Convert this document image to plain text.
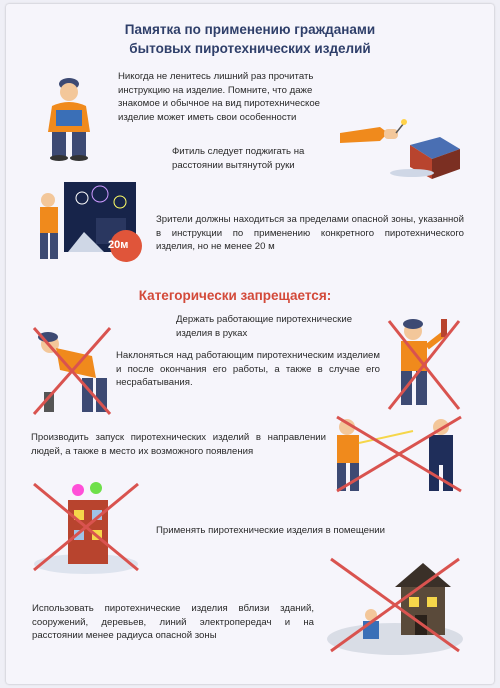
Памятка по применению гражданами
бытовых пиротехнических изделий
Никогда не ленитесь лишний раз прочитать инструкцию на изделие. Помните, что даже знакомое и обычное на вид пиротехническое изделие может иметь свои особенности
Фитиль следует поджигать на расстоянии вытянутой руки
20м
Зрители должны находиться за пределами опасной зоны, указанной в инструкции по применению конкретного пиротехнического изделия, но не менее 20 м
Категорически запрещается:
Держать работающие пиротехнические изделия в руках
Наклоняться над работающим пиротехническим изделием и после окончания его работы, а также в случае его несрабатывания.
Производить запуск пиротехнических изделий в направлении людей, а также в место их возможного появления
Применять пиротехнические изделия в помещении
Использовать пиротехнические изделия вблизи зданий, сооружений, деревьев, линий электропередач и на расстоянии менее радиуса опасной зоны
